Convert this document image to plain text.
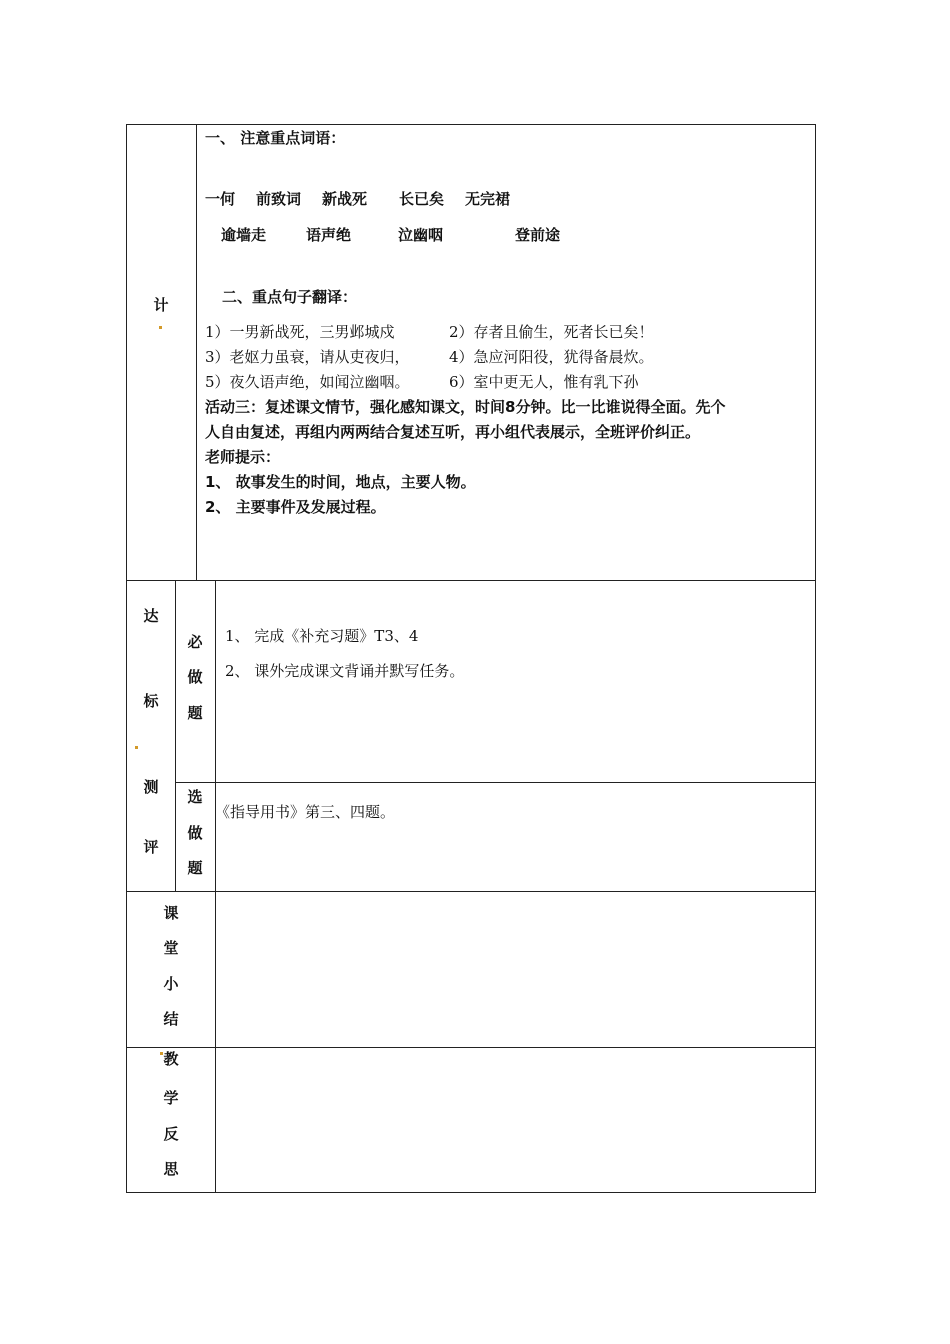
计
一、 注意重点词语：
一何 前致词 新战死 长已矣 无完裙
逾墙走	语声绝	泣幽咽	登前途
二、重点句子翻译：
1）一男新战死，三男邺城戍	2）存者且偷生，死者长已矣！
3）老妪力虽衰，请从吏夜归，	4）急应河阳役，犹得备晨炊。
5）夜久语声绝，如闻泣幽咽。	6）室中更无人，惟有乳下孙
活动三：复述课文情节，强化感知课文，时间8分钟。比一比谁说得全面。先个
人自由复述，再组内两两结合复述互听，再小组代表展示，全班评价纠正。
老师提示：
1、 故事发生的时间，地点，主要人物。
2、 主要事件及发展过程。
达
标
测
评
必
做
题
1、 完成《补充习题》T3、4
2、 课外完成课文背诵并默写任务。
选
做
题
《指导用书》第三、四题。
课
堂
小
结
教
学
反
思
